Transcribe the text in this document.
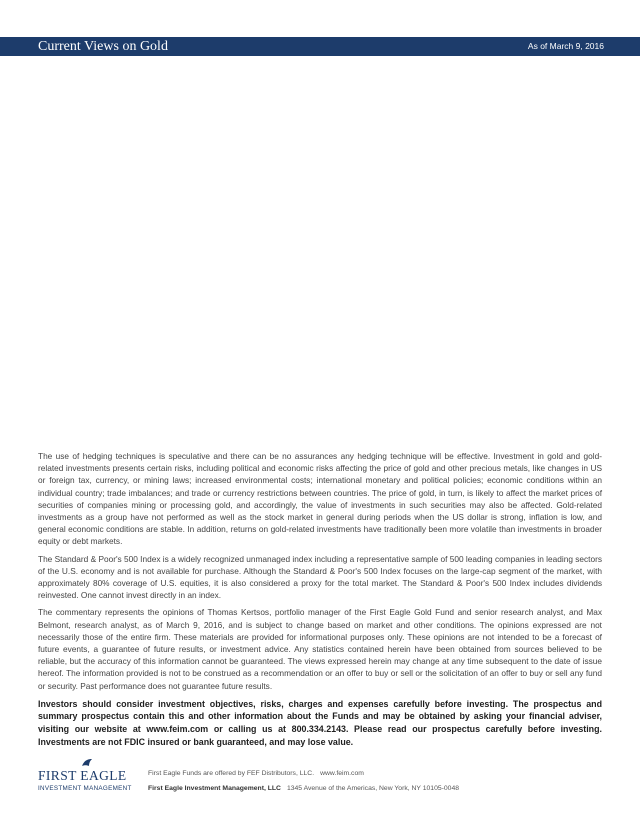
Current Views on Gold	As of March 9, 2016

The use of hedging techniques is speculative and there can be no assurances any hedging technique will be effective. Investment in gold and gold-related investments presents certain risks, including political and economic risks affecting the price of gold and other precious metals, like changes in US or foreign tax, currency, or mining laws; increased environmental costs; international monetary and political policies; economic conditions within an individual country; trade imbalances; and trade or currency restrictions between countries. The price of gold, in turn, is likely to affect the market prices of securities of companies mining or processing gold, and accordingly, the value of investments in such securities may also be affected. Gold-related investments as a group have not performed as well as the stock market in general during periods when the US dollar is strong, inflation is low, and general economic conditions are stable. In addition, returns on gold-related investments have traditionally been more volatile than investments in broader equity or debt markets.

The Standard & Poor's 500 Index is a widely recognized unmanaged index including a representative sample of 500 leading companies in leading sectors of the U.S. economy and is not available for purchase. Although the Standard & Poor's 500 Index focuses on the large-cap segment of the market, with approximately 80% coverage of U.S. equities, it is also considered a proxy for the total market. The Standard & Poor's 500 Index includes dividends reinvested. One cannot invest directly in an index.

The commentary represents the opinions of Thomas Kertsos, portfolio manager of the First Eagle Gold Fund and senior research analyst, and Max Belmont, research analyst, as of March 9, 2016, and is subject to change based on market and other conditions. The opinions expressed are not necessarily those of the entire firm. These materials are provided for informational purposes only. These opinions are not intended to be a forecast of future events, a guarantee of future results, or investment advice. Any statistics contained herein have been obtained from sources believed to be reliable, but the accuracy of this information cannot be guaranteed. The views expressed herein may change at any time subsequent to the date of issue hereof. The information provided is not to be construed as a recommendation or an offer to buy or sell or the solicitation of an offer to buy or sell any fund or security. Past performance does not guarantee future results.

Investors should consider investment objectives, risks, charges and expenses carefully before investing. The prospectus and summary prospectus contain this and other information about the Funds and may be obtained by asking your financial adviser, visiting our website at www.feim.com or calling us at 800.334.2143. Please read our prospectus carefully before investing. Investments are not FDIC insured or bank guaranteed, and may lose value.

FIRST EAGLE
INVESTMENT MANAGEMENT
First Eagle Funds are offered by FEF Distributors, LLC. www.feim.com
First Eagle Investment Management, LLC 1345 Avenue of the Americas, New York, NY 10105-0048
